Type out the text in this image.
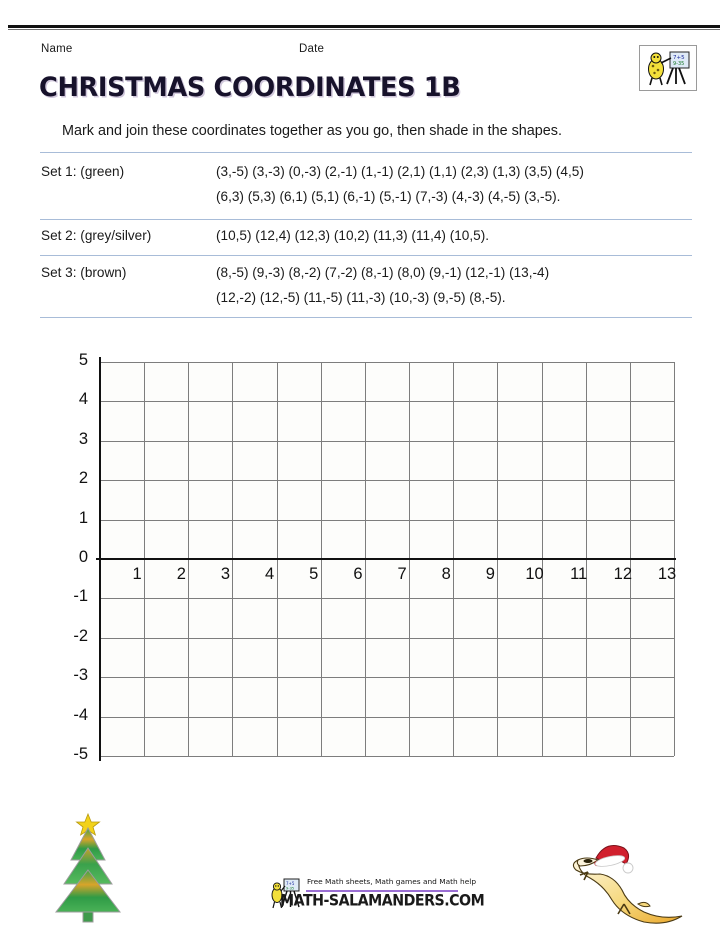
Name	Date
7+5
9-35
CHRISTMAS COORDINATES 1B
Mark and join these coordinates together as you go, then shade in the shapes.
Set 1: (green)	(3,-5) (3,-3) (0,-3) (2,-1) (1,-1) (2,1) (1,1) (2,3) (1,3) (3,5) (4,5)
(6,3) (5,3) (6,1) (5,1) (6,-1) (5,-1) (7,-3) (4,-3) (4,-5) (3,-5).
Set 2: (grey/silver)	(10,5) (12,4) (12,3) (10,2) (11,3) (11,4) (10,5).
Set 3: (brown)	(8,-5) (9,-3) (8,-2) (7,-2) (8,-1) (8,0) (9,-1) (12,-1) (13,-4)
(12,-2) (12,-5) (11,-5) (11,-3) (10,-3) (9,-5) (8,-5).
5
4
3
2
1
0
-1
-2
-3
-4
-5
1	2	3	4	5	6	7	8	9	10	11	12	13
7+5
9-35
Free Math sheets, Math games and Math help
MATH-SALAMANDERS.COM
